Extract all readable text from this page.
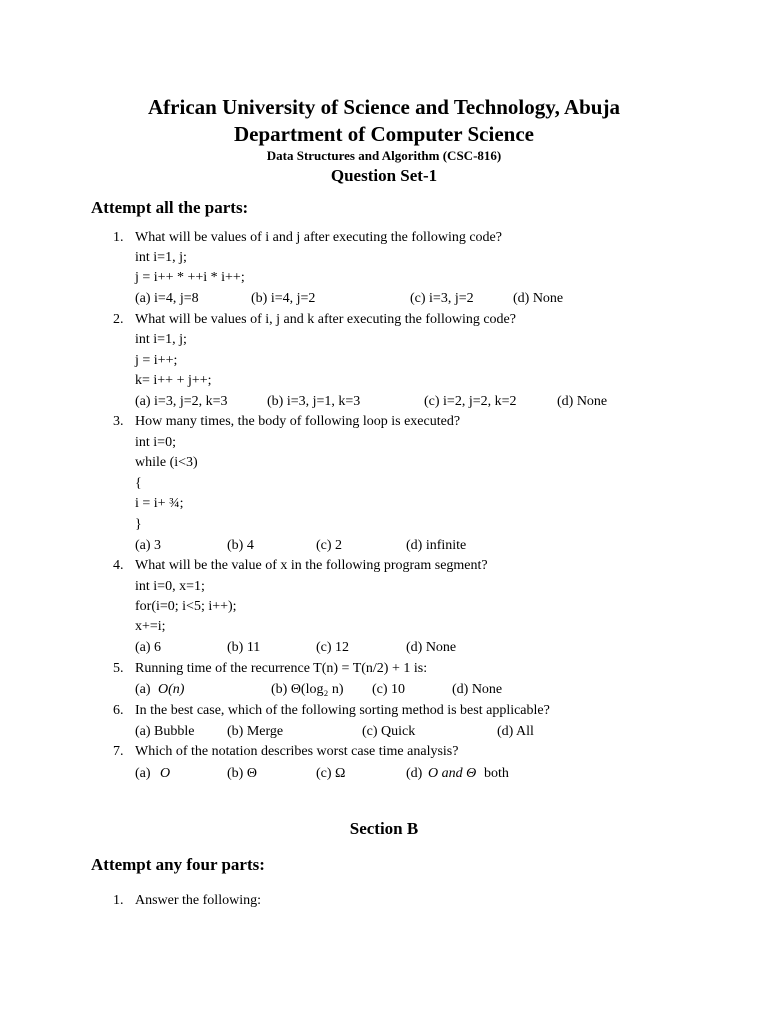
African University of Science and Technology, Abuja
Department of Computer Science
Data Structures and Algorithm (CSC-816)
Question Set-1
Attempt all the parts:
1. What will be values of i and j after executing the following code?
int i=1, j;
j = i++ * ++i * i++;
(a) i=4, j=8	(b) i=4, j=2	(c) i=3, j=2	(d) None
2. What will be values of i, j and k after executing the following code?
int i=1, j;
j = i++;
k= i++ + j++;
(a) i=3, j=2, k=3	(b) i=3, j=1, k=3	(c) i=2, j=2, k=2	(d) None
3. How many times, the body of following loop is executed?
int i=0;
while (i<3)
{
i = i+ ¾;
}
(a) 3	(b) 4	(c) 2	(d) infinite
4. What will be the value of x in the following program segment?
int i=0, x=1;
for(i=0; i<5; i++);
x+=i;
(a) 6	(b) 11	(c) 12	(d) None
5. Running time of the recurrence T(n) = T(n/2) + 1 is:
(a) O(n)	(b) Θ(log₂ n) (c) 10	(d) None
6. In the best case, which of the following sorting method is best applicable?
(a) Bubble (b) Merge	(c) Quick	(d) All
7. Which of the notation describes worst case time analysis?
(a) O	(b) Θ	(c) Ω	(d) O and Θ both
Section B
Attempt any four parts:
1. Answer the following:
